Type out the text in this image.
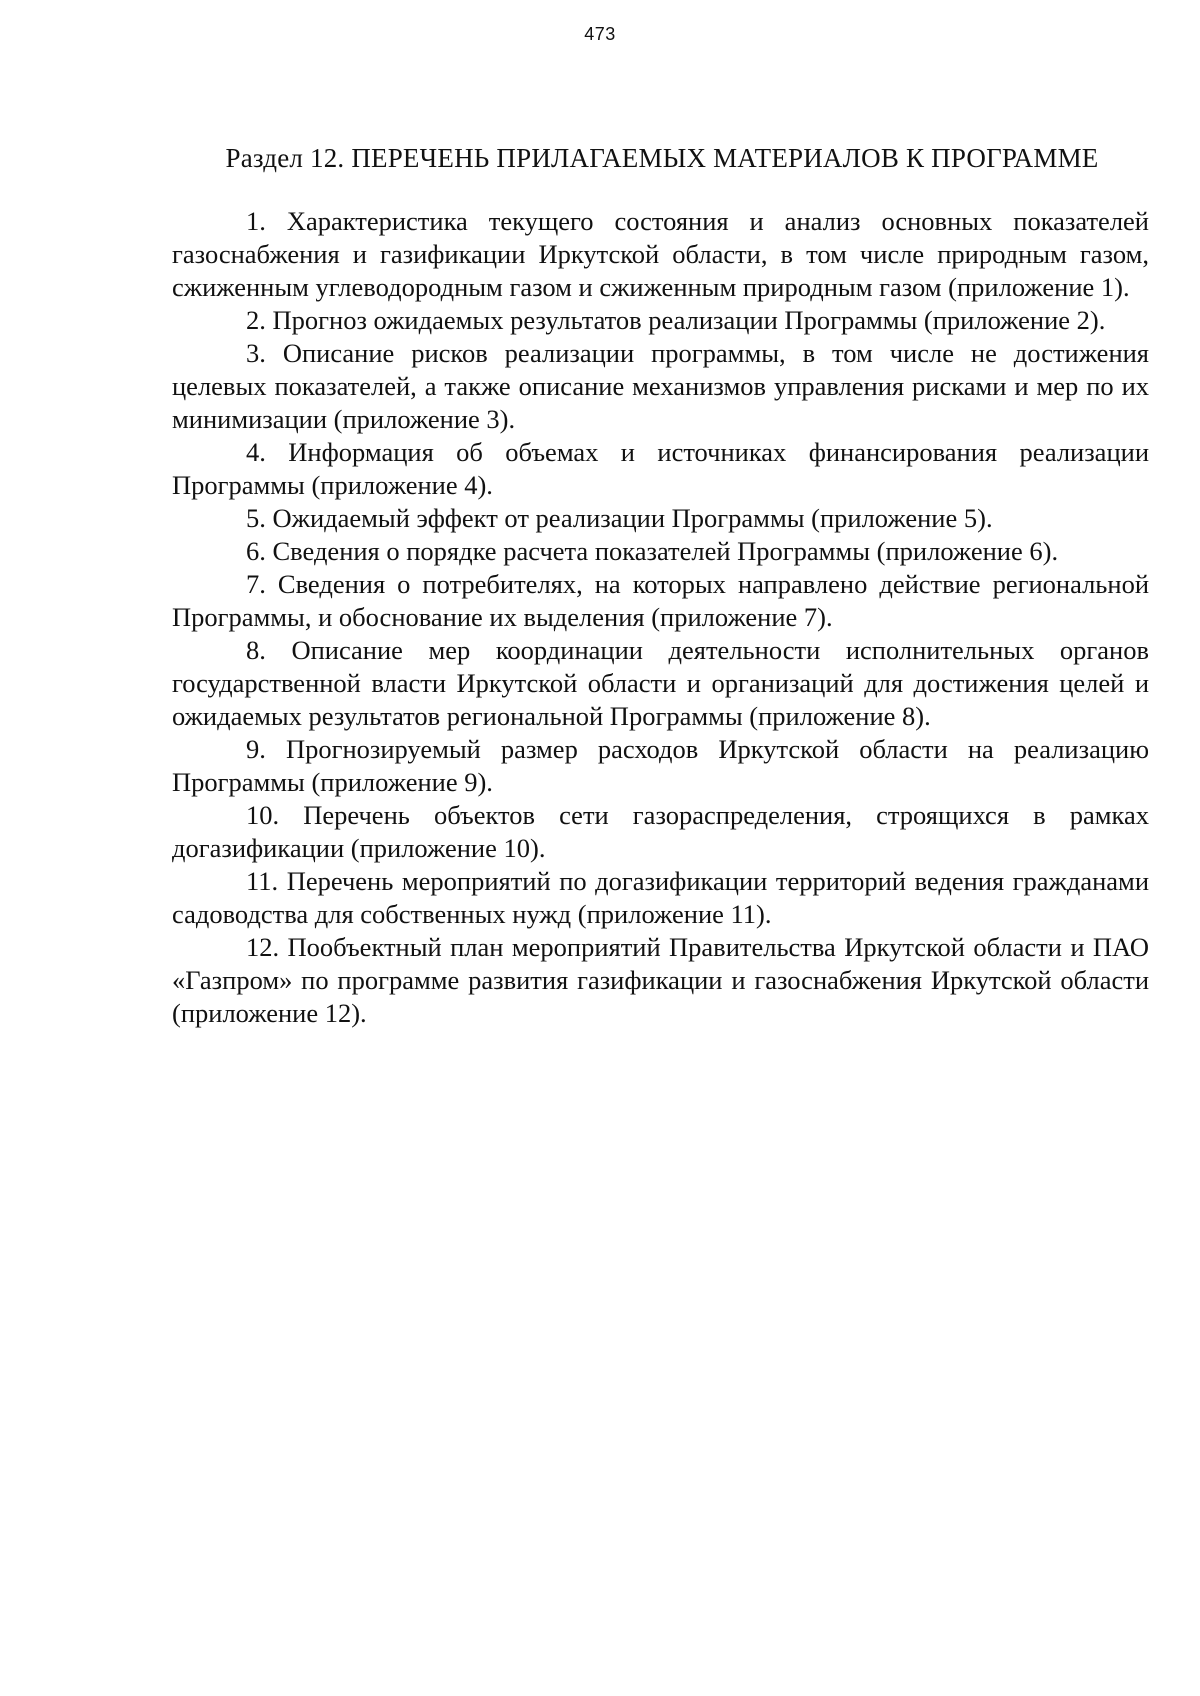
473
Раздел 12. ПЕРЕЧЕНЬ ПРИЛАГАЕМЫХ МАТЕРИАЛОВ К ПРОГРАММЕ
1. Характеристика текущего состояния и анализ основных показателей газоснабжения и газификации Иркутской области, в том числе природным газом, сжиженным углеводородным газом и сжиженным природным газом (приложение 1).
2. Прогноз ожидаемых результатов реализации Программы (приложение 2).
3. Описание рисков реализации программы, в том числе не достижения целевых показателей, а также описание механизмов управления рисками и мер по их минимизации (приложение 3).
4. Информация об объемах и источниках финансирования реализации Программы (приложение 4).
5. Ожидаемый эффект от реализации Программы (приложение 5).
6. Сведения о порядке расчета показателей Программы (приложение 6).
7. Сведения о потребителях, на которых направлено действие региональной Программы, и обоснование их выделения (приложение 7).
8. Описание мер координации деятельности исполнительных органов государственной власти Иркутской области и организаций для достижения целей и ожидаемых результатов региональной Программы (приложение 8).
9. Прогнозируемый размер расходов Иркутской области на реализацию Программы (приложение 9).
10. Перечень объектов сети газораспределения, строящихся в рамках догазификации (приложение 10).
11. Перечень мероприятий по догазификации территорий ведения гражданами садоводства для собственных нужд (приложение 11).
12. Пообъектный план мероприятий Правительства Иркутской области и ПАО «Газпром» по программе развития газификации и газоснабжения Иркутской области (приложение 12).
